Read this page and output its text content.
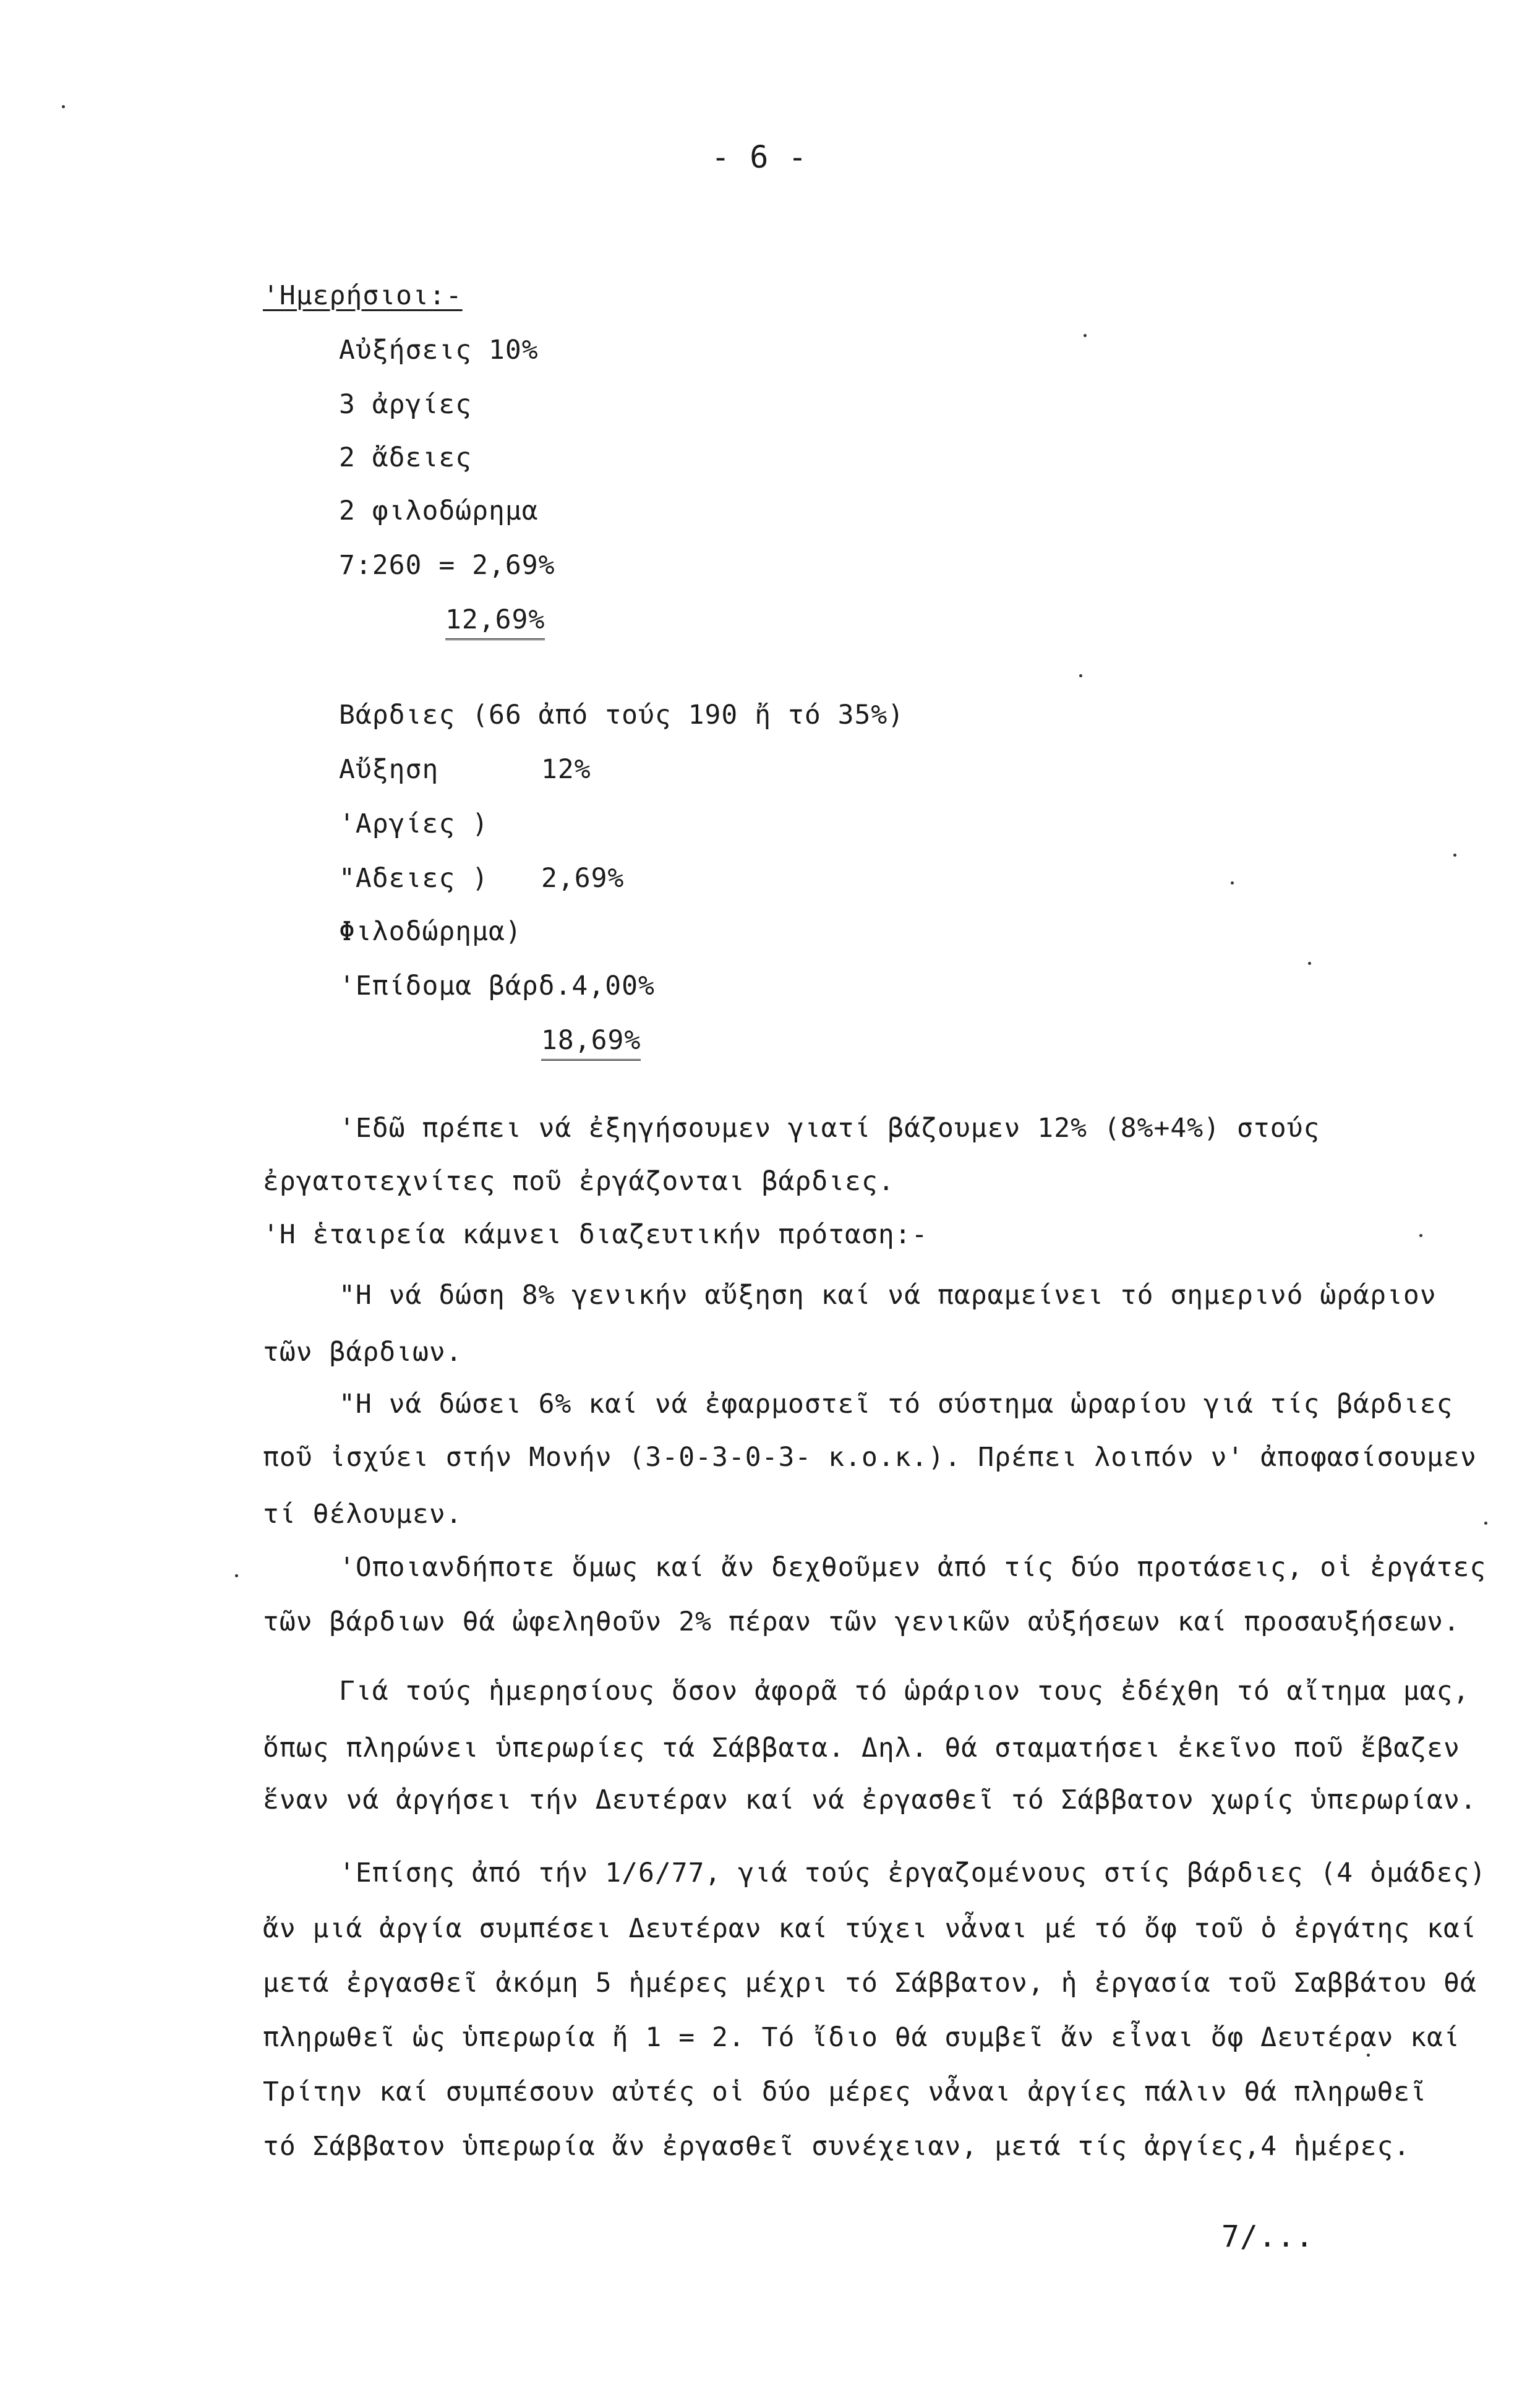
- 6 -
'Ημερήσιοι:-
Αὐξήσεις 10%
3 ἀργίες
2 ἄδειες
2 φιλοδώρημα
7:260 = 2,69%
12,69%
Βάρδιες (66 ἀπό τούς 190 ἤ τό 35%)
Αὔξηση	12%
'Αργίες )
"Αδειες ) 2,69%
Φιλοδώρημα)
'Επίδομα βάρδ.4,00%
18,69%
'Εδῶ πρέπει νά ἐξηγήσουμεν γιατί βάζουμεν 12% (8%+4%) στούς
ἐργατοτεχνίτες ποῦ ἐργάζονται βάρδιες.
'Η ἑταιρεία κάμνει διαζευτικήν πρόταση:-
"Η νά δώση 8% γενικήν αὔξηση καί νά παραμείνει τό σημερινό ὡράριον
τῶν βάρδιων.
"Η νά δώσει 6% καί νά ἐφαρμοστεῖ τό σύστημα ὡραρίου γιά τίς βάρδιες
ποῦ ἰσχύει στήν Μονήν (3-0-3-0-3- κ.ο.κ.). Πρέπει λοιπόν ν' ἀποφασίσουμεν
τί θέλουμεν.
'Οποιανδήποτε ὅμως καί ἄν δεχθοῦμεν ἀπό τίς δύο προτάσεις, οἱ ἐργάτες
τῶν βάρδιων θά ὠφεληθοῦν 2% πέραν τῶν γενικῶν αὐξήσεων καί προσαυξήσεων.
Γιά τούς ἡμερησίους ὅσον ἀφορᾶ τό ὡράριον τους ἐδέχθη τό αἴτημα μας,
ὅπως πληρώνει ὑπερωρίες τά Σάββατα. Δηλ. θά σταματήσει ἐκεῖνο ποῦ ἔβαζεν
ἕναν νά ἀργήσει τήν Δευτέραν καί νά ἐργασθεῖ τό Σάββατον χωρίς ὑπερωρίαν.
'Επίσης ἀπό τήν 1/6/77, γιά τούς ἐργαζομένους στίς βάρδιες (4 ὁμάδες)
ἄν μιά ἀργία συμπέσει Δευτέραν καί τύχει νἆναι μέ τό ὄφ τοῦ ὁ ἐργάτης καί
μετά ἐργασθεῖ ἀκόμη 5 ἡμέρες μέχρι τό Σάββατον, ἡ ἐργασία τοῦ Σαββάτου θά
πληρωθεῖ ὡς ὑπερωρία ἤ 1 = 2. Τό ἴδιο θά συμβεῖ ἄν εἶναι ὄφ Δευτέραν καί
Τρίτην καί συμπέσουν αὐτές οἱ δύο μέρες νἆναι ἀργίες πάλιν θά πληρωθεῖ
τό Σάββατον ὑπερωρία ἄν ἐργασθεῖ συνέχειαν, μετά τίς ἀργίες,4 ἡμέρες.
7/...
